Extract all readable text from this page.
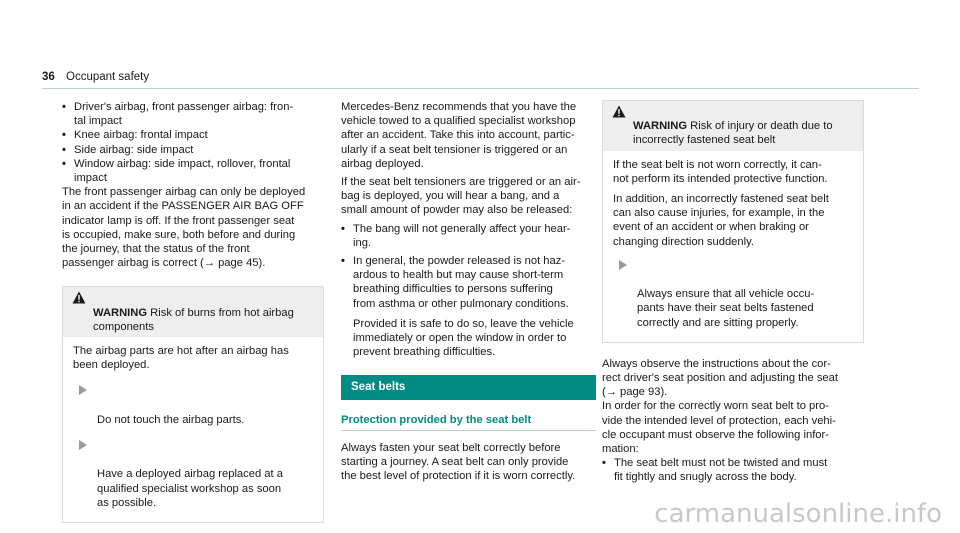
36 Occupant safety
• Driver's airbag, front passenger airbag: fron-
tal impact
• Knee airbag: frontal impact
• Side airbag: side impact
• Window airbag: side impact, rollover, frontal
impact

The front passenger airbag can only be deployed
in an accident if the PASSENGER AIR BAG OFF
indicator lamp is off. If the front passenger seat
is occupied, make sure, both before and during
the journey, that the status of the front
passenger airbag is correct (→ page 45).

WARNING Risk of burns from hot airbag
components

The airbag parts are hot after an airbag has
been deployed.

Do not touch the airbag parts.

Have a deployed airbag replaced at a
qualified specialist workshop as soon
as possible.

Mercedes-Benz recommends that you have the
vehicle towed to a qualified specialist workshop
after an accident. Take this into account, partic-
ularly if a seat belt tensioner is triggered or an
airbag deployed.

If the seat belt tensioners are triggered or an air-
bag is deployed, you will hear a bang, and a
small amount of powder may also be released:

• The bang will not generally affect your hear-
ing.
• In general, the powder released is not haz-
ardous to health but may cause short-term
breathing difficulties to persons suffering
from asthma or other pulmonary conditions.

Provided it is safe to do so, leave the vehicle
immediately or open the window in order to
prevent breathing difficulties.

Seat belts
Protection provided by the seat belt

Always fasten your seat belt correctly before
starting a journey. A seat belt can only provide
the best level of protection if it is worn correctly.

WARNING Risk of injury or death due to
incorrectly fastened seat belt

If the seat belt is not worn correctly, it can-
not perform its intended protective function.

In addition, an incorrectly fastened seat belt
can also cause injuries, for example, in the
event of an accident or when braking or
changing direction suddenly.

Always ensure that all vehicle occu-
pants have their seat belts fastened
correctly and are sitting properly.

Always observe the instructions about the cor-
rect driver's seat position and adjusting the seat
(→ page 93).

In order for the correctly worn seat belt to pro-
vide the intended level of protection, each vehi-
cle occupant must observe the following infor-
mation:

• The seat belt must not be twisted and must
fit tightly and snugly across the body.
carmanualsonline.info
